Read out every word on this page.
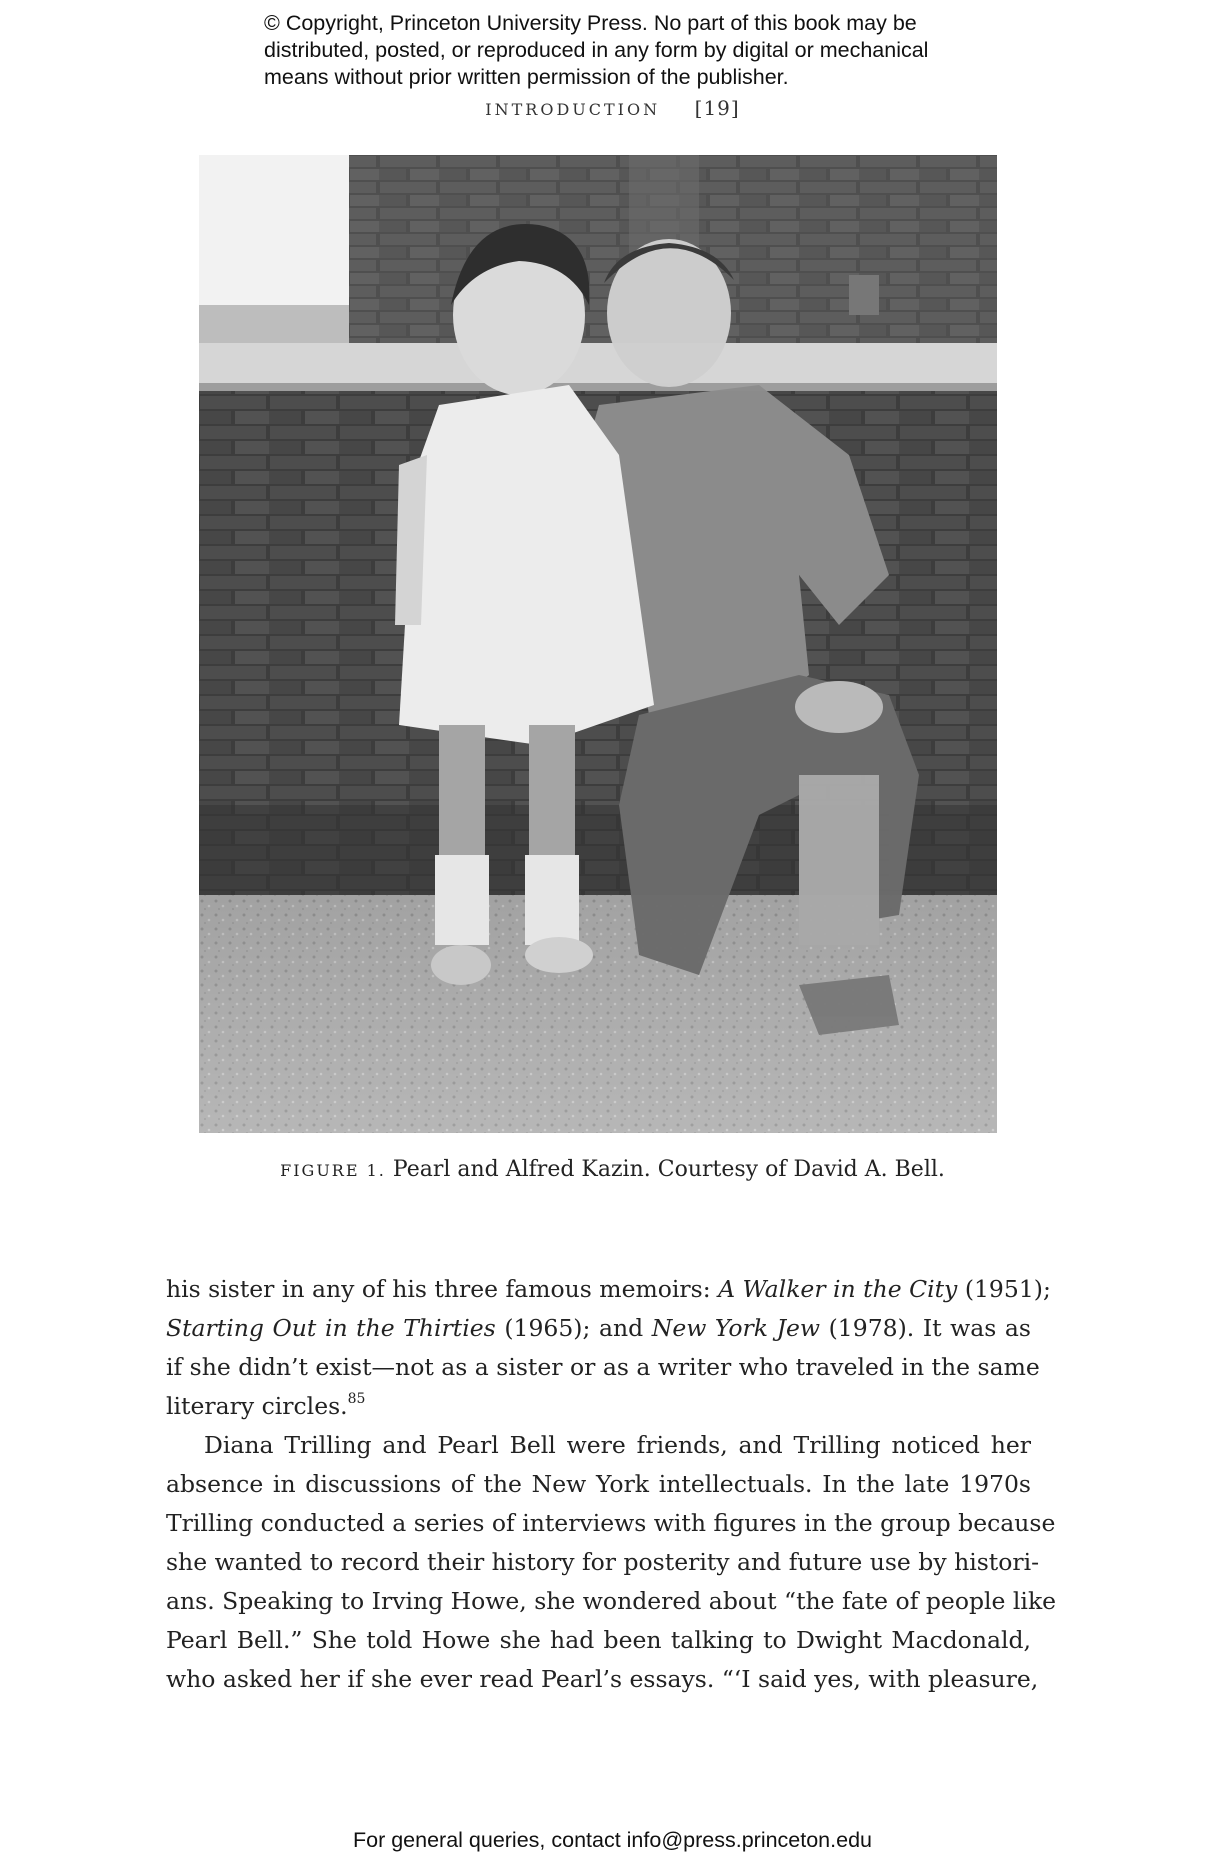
© Copyright, Princeton University Press. No part of this book may be
distributed, posted, or reproduced in any form by digital or mechanical
means without prior written permission of the publisher.
INTRODUCTION [19]
FIGURE 1. Pearl and Alfred Kazin. Courtesy of David A. Bell.
his sister in any of his three famous memoirs: A Walker in the City (1951);
Starting Out in the Thirties (1965); and New York Jew (1978). It was as
if she didn’t exist—not as a sister or as a writer who traveled in the same
literary circles.$^{85}$
Diana Trilling and Pearl Bell were friends, and Trilling noticed her
absence in discussions of the New York intellectuals. In the late 1970s
Trilling conducted a series of interviews with figures in the group because
she wanted to record their history for posterity and future use by histori-
ans. Speaking to Irving Howe, she wondered about “the fate of people like
Pearl Bell.” She told Howe she had been talking to Dwight Macdonald,
who asked her if she ever read Pearl’s essays. “‘I said yes, with pleasure,
For general queries, contact info@press.princeton.edu
